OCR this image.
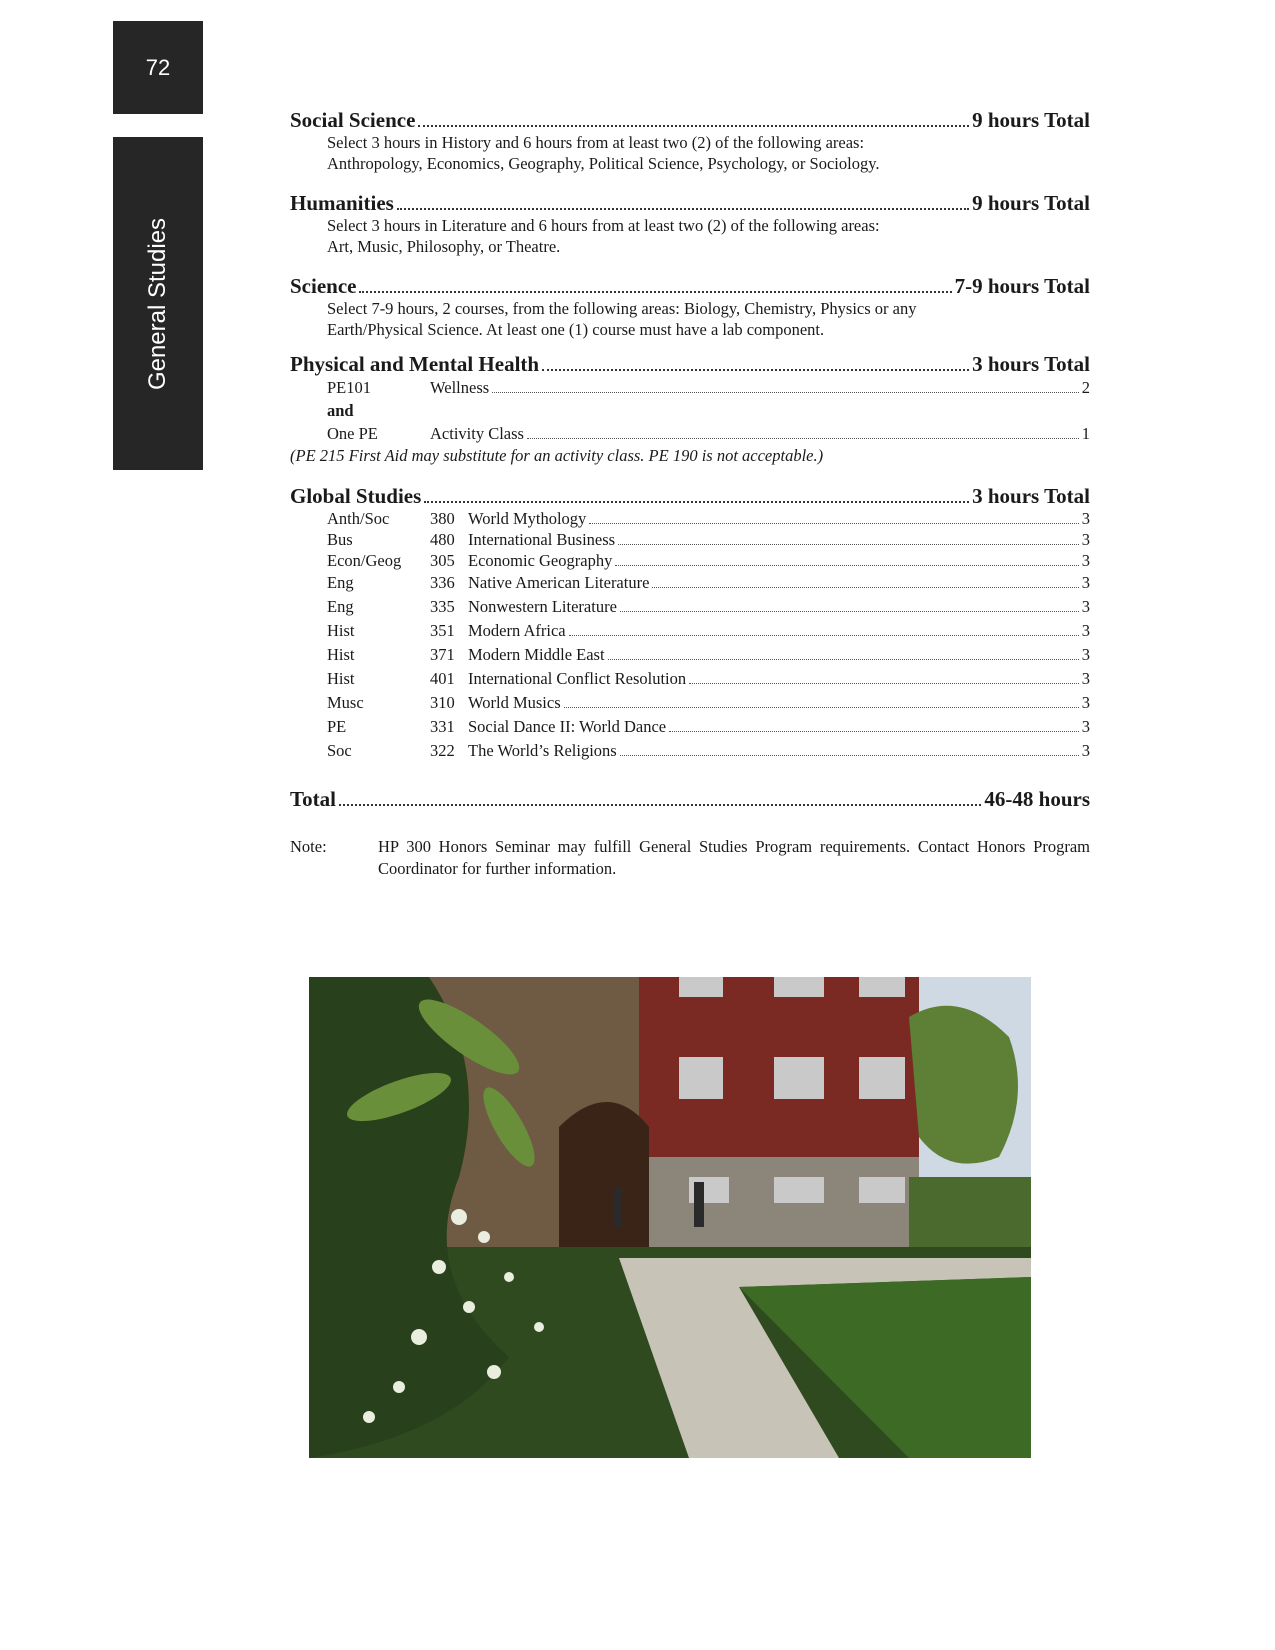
72
General Studies
Social Science	9 hours Total
Select 3 hours in History and 6 hours from at least two (2) of the following areas:
Anthropology, Economics, Geography, Political Science, Psychology, or Sociology.
Humanities	9 hours Total
Select 3 hours in Literature and 6 hours from at least two (2) of the following areas:
Art, Music, Philosophy, or Theatre.
Science	7-9 hours Total
Select 7-9 hours, 2 courses, from the following areas: Biology, Chemistry, Physics or any
Earth/Physical Science. At least one (1) course must have a lab component.
Physical and Mental Health	3 hours Total
PE101	Wellness	2
and
One PE	Activity Class	1
(PE 215 First Aid may substitute for an activity class. PE 190 is not acceptable.)
Global Studies	3 hours Total
Anth/Soc	380 World Mythology	3
Bus	480 International Business	3
Econ/Geog	305 Economic Geography	3
Eng	336 Native American Literature	3
Eng	335 Nonwestern Literature	3
Hist	351 Modern Africa	3
Hist	371 Modern Middle East	3
Hist	401 International Conflict Resolution	3
Musc	310 World Musics	3
PE	331 Social Dance II: World Dance	3
Soc	322 The World’s Religions	3
Total	46-48 hours
Note:	HP 300 Honors Seminar may fulfill General Studies Program requirements. Contact Honors Program Coordinator for further information.
